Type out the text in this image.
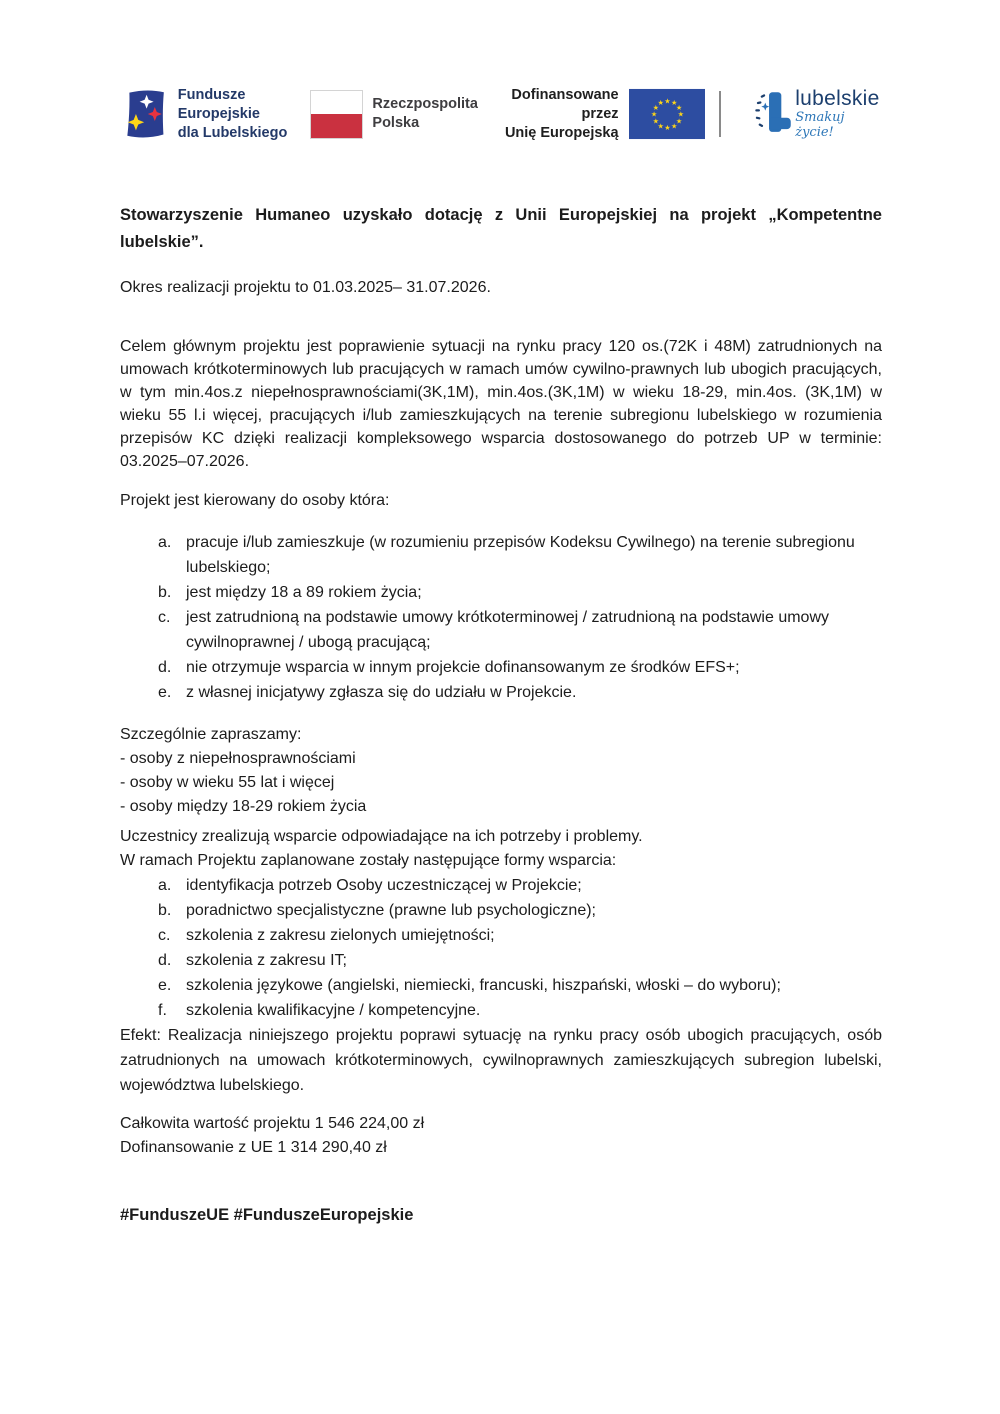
Fundusze Europejskie
dla Lubelskiego
Rzeczpospolita
Polska
Dofinansowane przez
Unię Europejską
★ ★
★
★
★
★
★
★
★
★
★
★	lubelskie
Smakuj życie!

Stowarzyszenie Humaneo uzyskało dotację z Unii Europejskiej na projekt „Kompetentne lubelskie”.

Okres realizacji projektu to 01.03.2025– 31.07.2026.

Celem głównym projektu jest poprawienie sytuacji na rynku pracy 120 os.(72K i 48M) zatrudnionych na umowach krótkoterminowych lub pracujących w ramach umów cywilno-prawnych lub ubogich pracujących, w tym min.4os.z niepełnosprawnościami(3K,1M), min.4os.(3K,1M) w wieku 18-29, min.4os. (3K,1M) w wieku 55 l.i więcej, pracujących i/lub zamieszkujących na terenie subregionu lubelskiego w rozumienia przepisów KC dzięki realizacji kompleksowego wsparcia dostosowanego do potrzeb UP w terminie: 03.2025–07.2026.

Projekt jest kierowany do osoby która:

a. pracuje i/lub zamieszkuje (w rozumieniu przepisów Kodeksu Cywilnego) na terenie subregionu lubelskiego;
b. jest między 18 a 89 rokiem życia;
c. jest zatrudnioną na podstawie umowy krótkoterminowej / zatrudnioną na podstawie umowy cywilnoprawnej / ubogą pracującą;
d. nie otrzymuje wsparcia w innym projekcie dofinansowanym ze środków EFS+;
e. z własnej inicjatywy zgłasza się do udziału w Projekcie.

Szczególnie zapraszamy:

- osoby z niepełnosprawnościami

- osoby w wieku 55 lat i więcej

- osoby między 18-29 rokiem życia

Uczestnicy zrealizują wsparcie odpowiadające na ich potrzeby i problemy.

W ramach Projektu zaplanowane zostały następujące formy wsparcia:

a. identyfikacja potrzeb Osoby uczestniczącej w Projekcie;
b. poradnictwo specjalistyczne (prawne lub psychologiczne);
c. szkolenia z zakresu zielonych umiejętności;
d. szkolenia z zakresu IT;
e. szkolenia językowe (angielski, niemiecki, francuski, hiszpański, włoski – do wyboru);
f.	szkolenia kwalifikacyjne / kompetencyjne.

Efekt: Realizacja niniejszego projektu poprawi sytuację na rynku pracy osób ubogich pracujących, osób zatrudnionych na umowach krótkoterminowych, cywilnoprawnych zamieszkujących subregion lubelski, województwa lubelskiego.

Całkowita wartość projektu 1 546 224,00 zł

Dofinansowanie z UE 1 314 290,40 zł

#FunduszeUE #FunduszeEuropejskie
